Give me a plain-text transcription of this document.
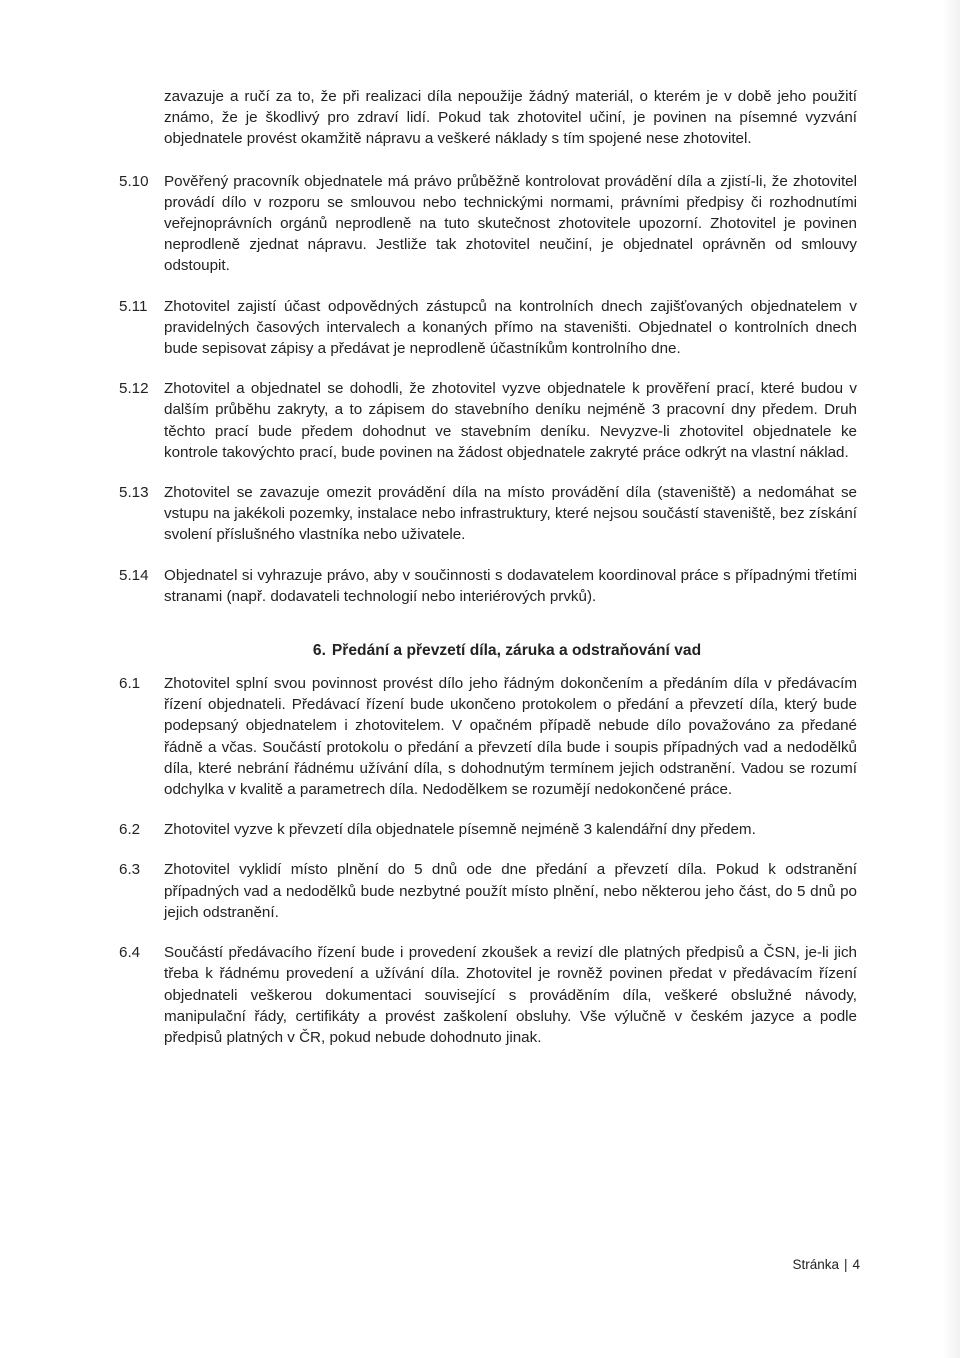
zavazuje a ručí za to, že při realizaci díla nepoužije žádný materiál, o kterém je v době jeho použití známo, že je škodlivý pro zdraví lidí. Pokud tak zhotovitel učiní, je povinen na písemné vyzvání objednatele provést okamžitě nápravu a veškeré náklady s tím spojené nese zhotovitel.

5.10	Pověřený pracovník objednatele má právo průběžně kontrolovat provádění díla a zjistí-li, že zhotovitel provádí dílo v rozporu se smlouvou nebo technickými normami, právními předpisy či rozhodnutími veřejnoprávních orgánů neprodleně na tuto skutečnost zhotovitele upozorní. Zhotovitel je povinen neprodleně zjednat nápravu. Jestliže tak zhotovitel neučiní, je objednatel oprávněn od smlouvy odstoupit.
5.11	Zhotovitel zajistí účast odpovědných zástupců na kontrolních dnech zajišťovaných objednatelem v pravidelných časových intervalech a konaných přímo na staveništi. Objednatel o kontrolních dnech bude sepisovat zápisy a předávat je neprodleně účastníkům kontrolního dne.
5.12	Zhotovitel a objednatel se dohodli, že zhotovitel vyzve objednatele k prověření prací, které budou v dalším průběhu zakryty, a to zápisem do stavebního deníku nejméně 3 pracovní dny předem. Druh těchto prací bude předem dohodnut ve stavebním deníku. Nevyzve-li zhotovitel objednatele ke kontrole takovýchto prací, bude povinen na žádost objednatele zakryté práce odkrýt na vlastní náklad.
5.13	Zhotovitel se zavazuje omezit provádění díla na místo provádění díla (staveniště) a nedomáhat se vstupu na jakékoli pozemky, instalace nebo infrastruktury, které nejsou součástí staveniště, bez získání svolení příslušného vlastníka nebo uživatele.
5.14	Objednatel si vyhrazuje právo, aby v součinnosti s dodavatelem koordinoval práce s případnými třetími stranami (např. dodavateli technologií nebo interiérových prvků).
6. Předání a převzetí díla, záruka a odstraňování vad
6.1	Zhotovitel splní svou povinnost provést dílo jeho řádným dokončením a předáním díla v předávacím řízení objednateli. Předávací řízení bude ukončeno protokolem o předání a převzetí díla, který bude podepsaný objednatelem i zhotovitelem. V opačném případě nebude dílo považováno za předané řádně a včas. Součástí protokolu o předání a převzetí díla bude i soupis případných vad a nedodělků díla, které nebrání řádnému užívání díla, s dohodnutým termínem jejich odstranění. Vadou se rozumí odchylka v kvalitě a parametrech díla. Nedodělkem se rozumějí nedokončené práce.
6.2	Zhotovitel vyzve k převzetí díla objednatele písemně nejméně 3 kalendářní dny předem.
6.3	Zhotovitel vyklidí místo plnění do 5 dnů ode dne předání a převzetí díla. Pokud k odstranění případných vad a nedodělků bude nezbytné použít místo plnění, nebo některou jeho část, do 5 dnů po jejich odstranění.
6.4	Součástí předávacího řízení bude i provedení zkoušek a revizí dle platných předpisů a ČSN, je-li jich třeba k řádnému provedení a užívání díla. Zhotovitel je rovněž povinen předat v předávacím řízení objednateli veškerou dokumentaci související s prováděním díla, veškeré obslužné návody, manipulační řády, certifikáty a provést zaškolení obsluhy. Vše výlučně v českém jazyce a podle předpisů platných v ČR, pokud nebude dohodnuto jinak.
Stránka | 4
